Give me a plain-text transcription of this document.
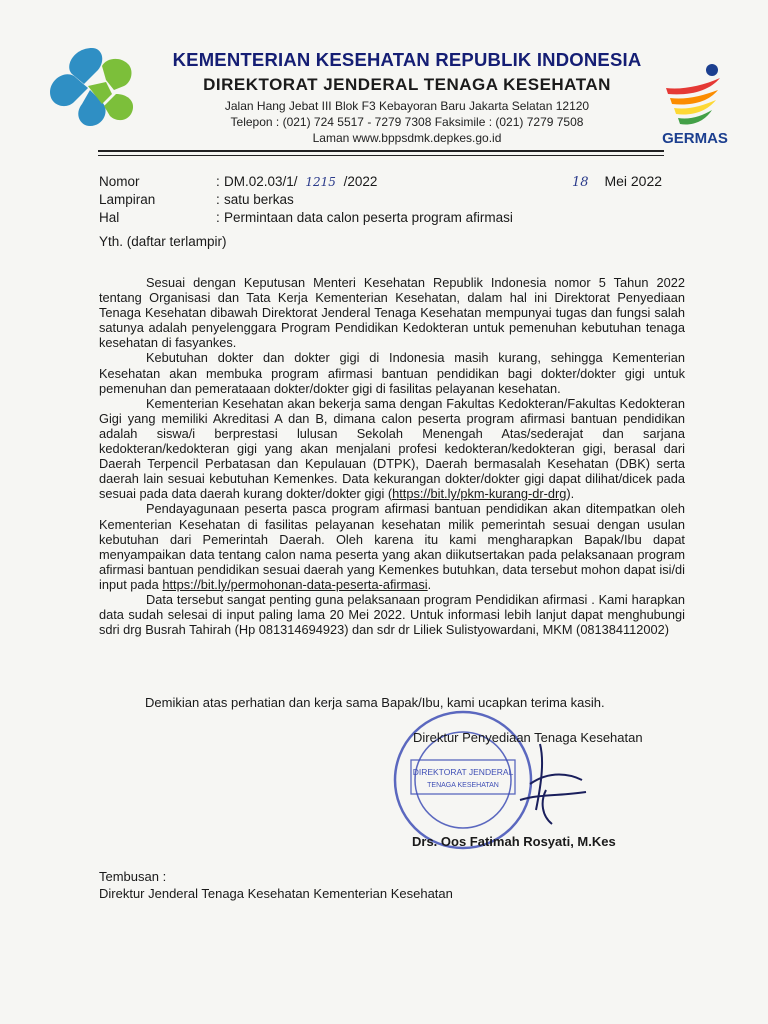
KEMENTERIAN KESEHATAN REPUBLIK INDONESIA
DIREKTORAT JENDERAL TENAGA KESEHATAN
Jalan Hang Jebat III Blok F3 Kebayoran Baru Jakarta Selatan 12120
Telepon : (021) 724 5517 - 7279 7308 Faksimile : (021) 7279 7508
Laman www.bppsdmk.depkes.go.id	GERMAS
Nomor	: DM.02.03/1/ 1215 /2022	18 Mei 2022
Lampiran	: satu berkas
Hal	: Permintaan data calon peserta program afirmasi
Yth. (daftar terlampir)

Sesuai dengan Keputusan Menteri Kesehatan Republik Indonesia nomor 5 Tahun 2022 tentang Organisasi dan Tata Kerja Kementerian Kesehatan, dalam hal ini Direktorat Penyediaan Tenaga Kesehatan dibawah Direktorat Jenderal Tenaga Kesehatan mempunyai tugas dan fungsi salah satunya adalah penyelenggara Program Pendidikan Kedokteran untuk pemenuhan kebutuhan tenaga kesehatan di fasyankes.

Kebutuhan dokter dan dokter gigi di Indonesia masih kurang, sehingga Kementerian Kesehatan akan membuka program afirmasi bantuan pendidikan bagi dokter/dokter gigi untuk pemenuhan dan pemerataaan dokter/dokter gigi di fasilitas pelayanan kesehatan.

Kementerian Kesehatan akan bekerja sama dengan Fakultas Kedokteran/Fakultas Kedokteran Gigi yang memiliki Akreditasi A dan B, dimana calon peserta program afirmasi bantuan pendidikan adalah siswa/i berprestasi lulusan Sekolah Menengah Atas/sederajat dan sarjana kedokteran/kedokteran gigi yang akan menjalani profesi kedokteran/kedokteran gigi, berasal dari Daerah Terpencil Perbatasan dan Kepulauan (DTPK), Daerah bermasalah Kesehatan (DBK) serta daerah lain sesuai kebutuhan Kemenkes. Data kekurangan dokter/dokter gigi dapat dilihat/dicek pada sesuai pada data daerah kurang dokter/dokter gigi (https://bit.ly/pkm-kurang-dr-drg).

Pendayagunaan peserta pasca program afirmasi bantuan pendidikan akan ditempatkan oleh Kementerian Kesehatan di fasilitas pelayanan kesehatan milik pemerintah sesuai dengan usulan kebutuhan dari Pemerintah Daerah. Oleh karena itu kami mengharapkan Bapak/Ibu dapat menyampaikan data tentang calon nama peserta yang akan diikutsertakan pada pelaksanaan program afirmasi bantuan pendidikan sesuai daerah yang Kemenkes butuhkan, data tersebut mohon dapat isi/di input pada https://bit.ly/permohonan-data-peserta-afirmasi.

Data tersebut sangat penting guna pelaksanaan program Pendidikan afirmasi . Kami harapkan data sudah selesai di input paling lama 20 Mei 2022. Untuk informasi lebih lanjut dapat menghubungi sdri drg Busrah Tahirah (Hp 081314694923) dan sdr dr Liliek Sulistyowardani, MKM (081384112002)

Demikian atas perhatian dan kerja sama Bapak/Ibu, kami ucapkan terima kasih.
DIREKTORAT JENDERAL
TENAGA KESEHATAN
Direktur Penyediaan Tenaga Kesehatan
Drs. Oos Fatimah Rosyati, M.Kes
Tembusan :
Direktur Jenderal Tenaga Kesehatan Kementerian Kesehatan
